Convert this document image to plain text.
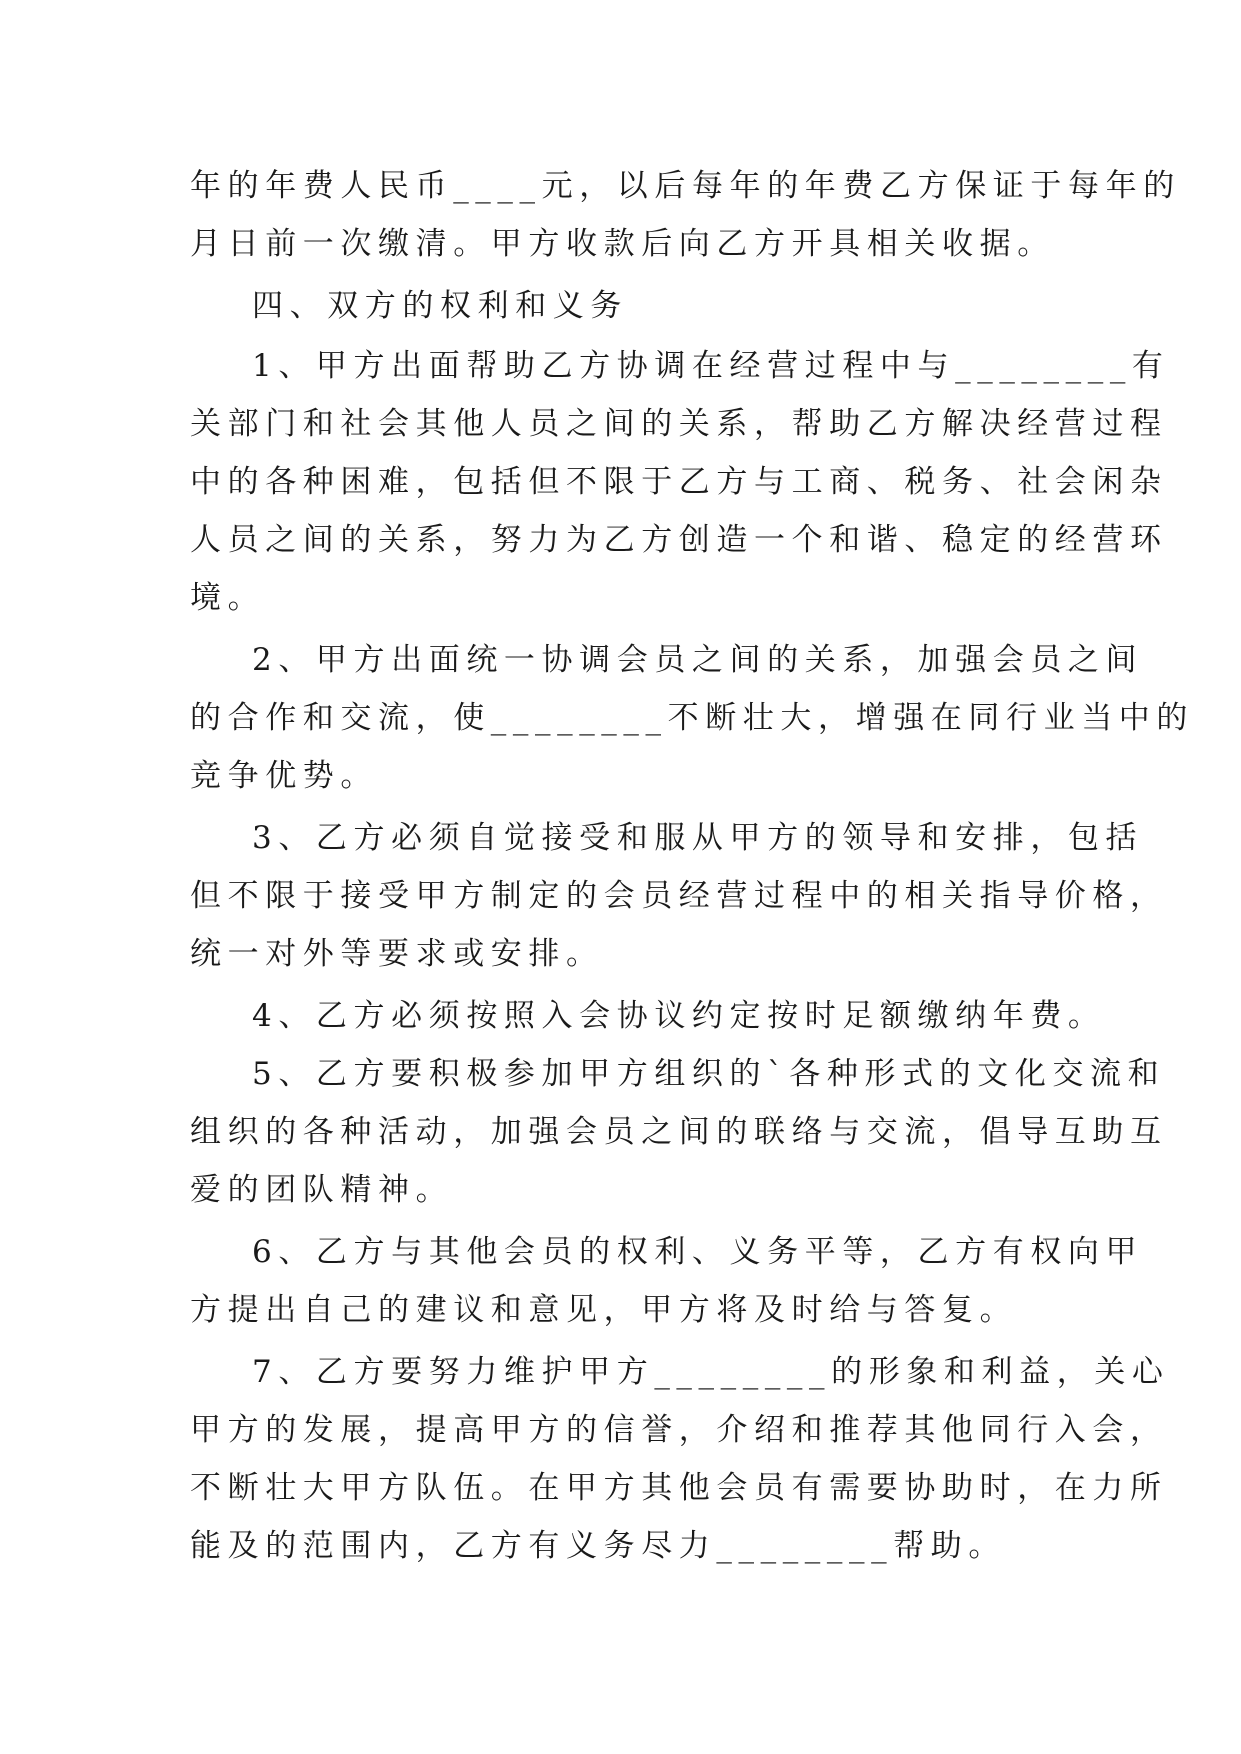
年的年费人民币____元，以后每年的年费乙方保证于每年的
月日前一次缴清。甲方收款后向乙方开具相关收据。
四、双方的权利和义务
1、甲方出面帮助乙方协调在经营过程中与________有
关部门和社会其他人员之间的关系，帮助乙方解决经营过程
中的各种困难，包括但不限于乙方与工商、税务、社会闲杂
人员之间的关系，努力为乙方创造一个和谐、稳定的经营环
境。
2、甲方出面统一协调会员之间的关系，加强会员之间
的合作和交流，使________不断壮大，增强在同行业当中的
竞争优势。
3、乙方必须自觉接受和服从甲方的领导和安排，包括
但不限于接受甲方制定的会员经营过程中的相关指导价格，
统一对外等要求或安排。
4、乙方必须按照入会协议约定按时足额缴纳年费。
5、乙方要积极参加甲方组织的`各种形式的文化交流和
组织的各种活动，加强会员之间的联络与交流，倡导互助互
爱的团队精神。
6、乙方与其他会员的权利、义务平等，乙方有权向甲
方提出自己的建议和意见，甲方将及时给与答复。
7、乙方要努力维护甲方________的形象和利益，关心
甲方的发展，提高甲方的信誉，介绍和推荐其他同行入会，
不断壮大甲方队伍。在甲方其他会员有需要协助时，在力所
能及的范围内，乙方有义务尽力________帮助。
